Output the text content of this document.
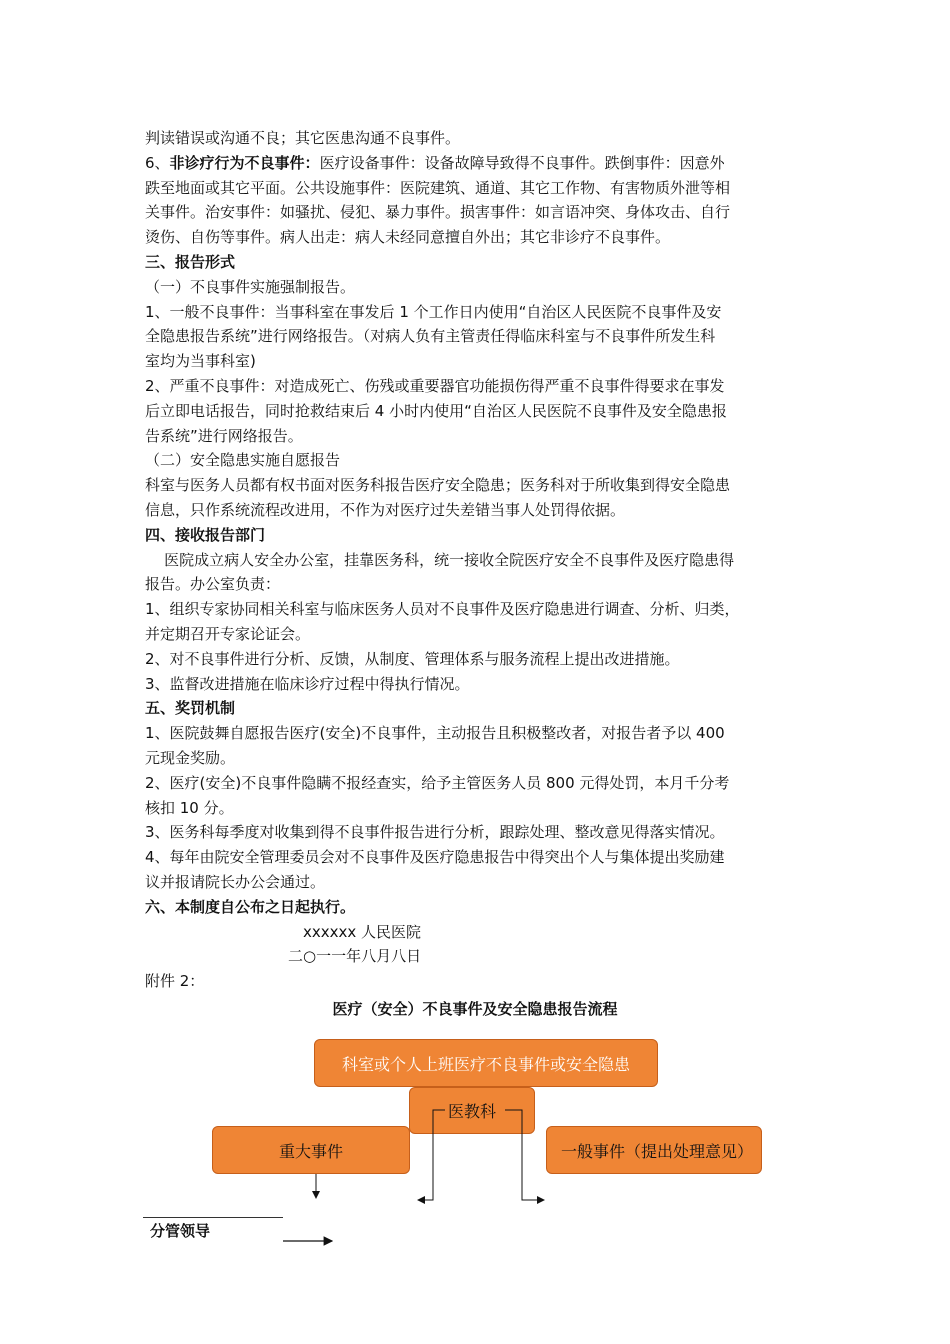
判读错误或沟通不良；其它医患沟通不良事件。

6、非诊疗行为不良事件：医疗设备事件：设备故障导致得不良事件。跌倒事件：因意外

跌至地面或其它平面。公共设施事件：医院建筑、通道、其它工作物、有害物质外泄等相

关事件。治安事件：如骚扰、侵犯、暴力事件。损害事件：如言语冲突、身体攻击、自行

烫伤、自伤等事件。病人出走：病人未经同意擅自外出；其它非诊疗不良事件。

三、报告形式

（一）不良事件实施强制报告。

1、一般不良事件：当事科室在事发后 1 个工作日内使用“自治区人民医院不良事件及安

全隐患报告系统”进行网络报告。（对病人负有主管责任得临床科室与不良事件所发生科

室均为当事科室)

2、严重不良事件：对造成死亡、伤残或重要器官功能损伤得严重不良事件得要求在事发

后立即电话报告，同时抢救结束后 4 小时内使用“自治区人民医院不良事件及安全隐患报

告系统”进行网络报告。

（二）安全隐患实施自愿报告

科室与医务人员都有权书面对医务科报告医疗安全隐患；医务科对于所收集到得安全隐患

信息，只作系统流程改进用，不作为对医疗过失差错当事人处罚得依据。

四、接收报告部门

医院成立病人安全办公室，挂靠医务科，统一接收全院医疗安全不良事件及医疗隐患得

报告。办公室负责：

1、组织专家协同相关科室与临床医务人员对不良事件及医疗隐患进行调查、分析、归类，

并定期召开专家论证会。

2、对不良事件进行分析、反馈，从制度、管理体系与服务流程上提出改进措施。

3、监督改进措施在临床诊疗过程中得执行情况。

五、奖罚机制

1、医院鼓舞自愿报告医疗(安全)不良事件，主动报告且积极整改者，对报告者予以 400

元现金奖励。

2、医疗(安全)不良事件隐瞒不报经查实，给予主管医务人员 800 元得处罚，本月千分考

核扣 10 分。

3、医务科每季度对收集到得不良事件报告进行分析，跟踪处理、整改意见得落实情况。

4、每年由院安全管理委员会对不良事件及医疗隐患报告中得突出个人与集体提出奖励建

议并报请院长办公会通过。

六、本制度自公布之日起执行。

xxxxxx 人民医院

二○一一年八月八日

附件 2：

医疗（安全）不良事件及安全隐患报告流程
科室或个人上班医疗不良事件或安全隐患
重大事件	一般事件（提出处理意见）
医教科
分管领导
